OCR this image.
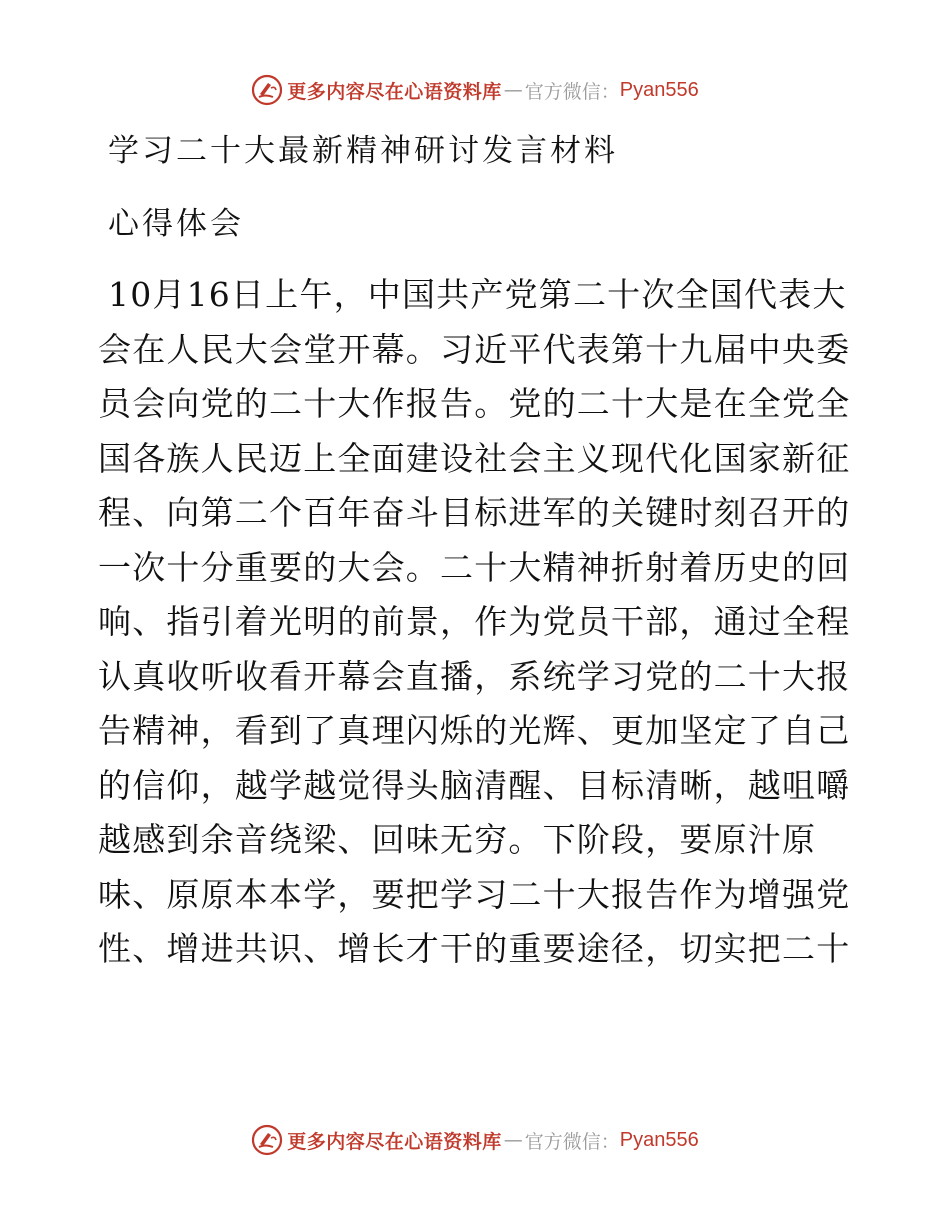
更多内容尽在心语资料库 — 官方微信： Pyan556
学习二十大最新精神研讨发言材料
心得体会
10月16日上午，中国共产党第二十次全国代表大
会在人民大会堂开幕。习近平代表第十九届中央委
员会向党的二十大作报告。党的二十大是在全党全
国各族人民迈上全面建设社会主义现代化国家新征
程、向第二个百年奋斗目标进军的关键时刻召开的
一次十分重要的大会。二十大精神折射着历史的回
响、指引着光明的前景，作为党员干部，通过全程
认真收听收看开幕会直播，系统学习党的二十大报
告精神，看到了真理闪烁的光辉、更加坚定了自己
的信仰，越学越觉得头脑清醒、目标清晰，越咀嚼
越感到余音绕梁、回味无穷。下阶段，要原汁原
味、原原本本学，要把学习二十大报告作为增强党
性、增进共识、增长才干的重要途径，切实把二十
更多内容尽在心语资料库 — 官方微信： Pyan556
